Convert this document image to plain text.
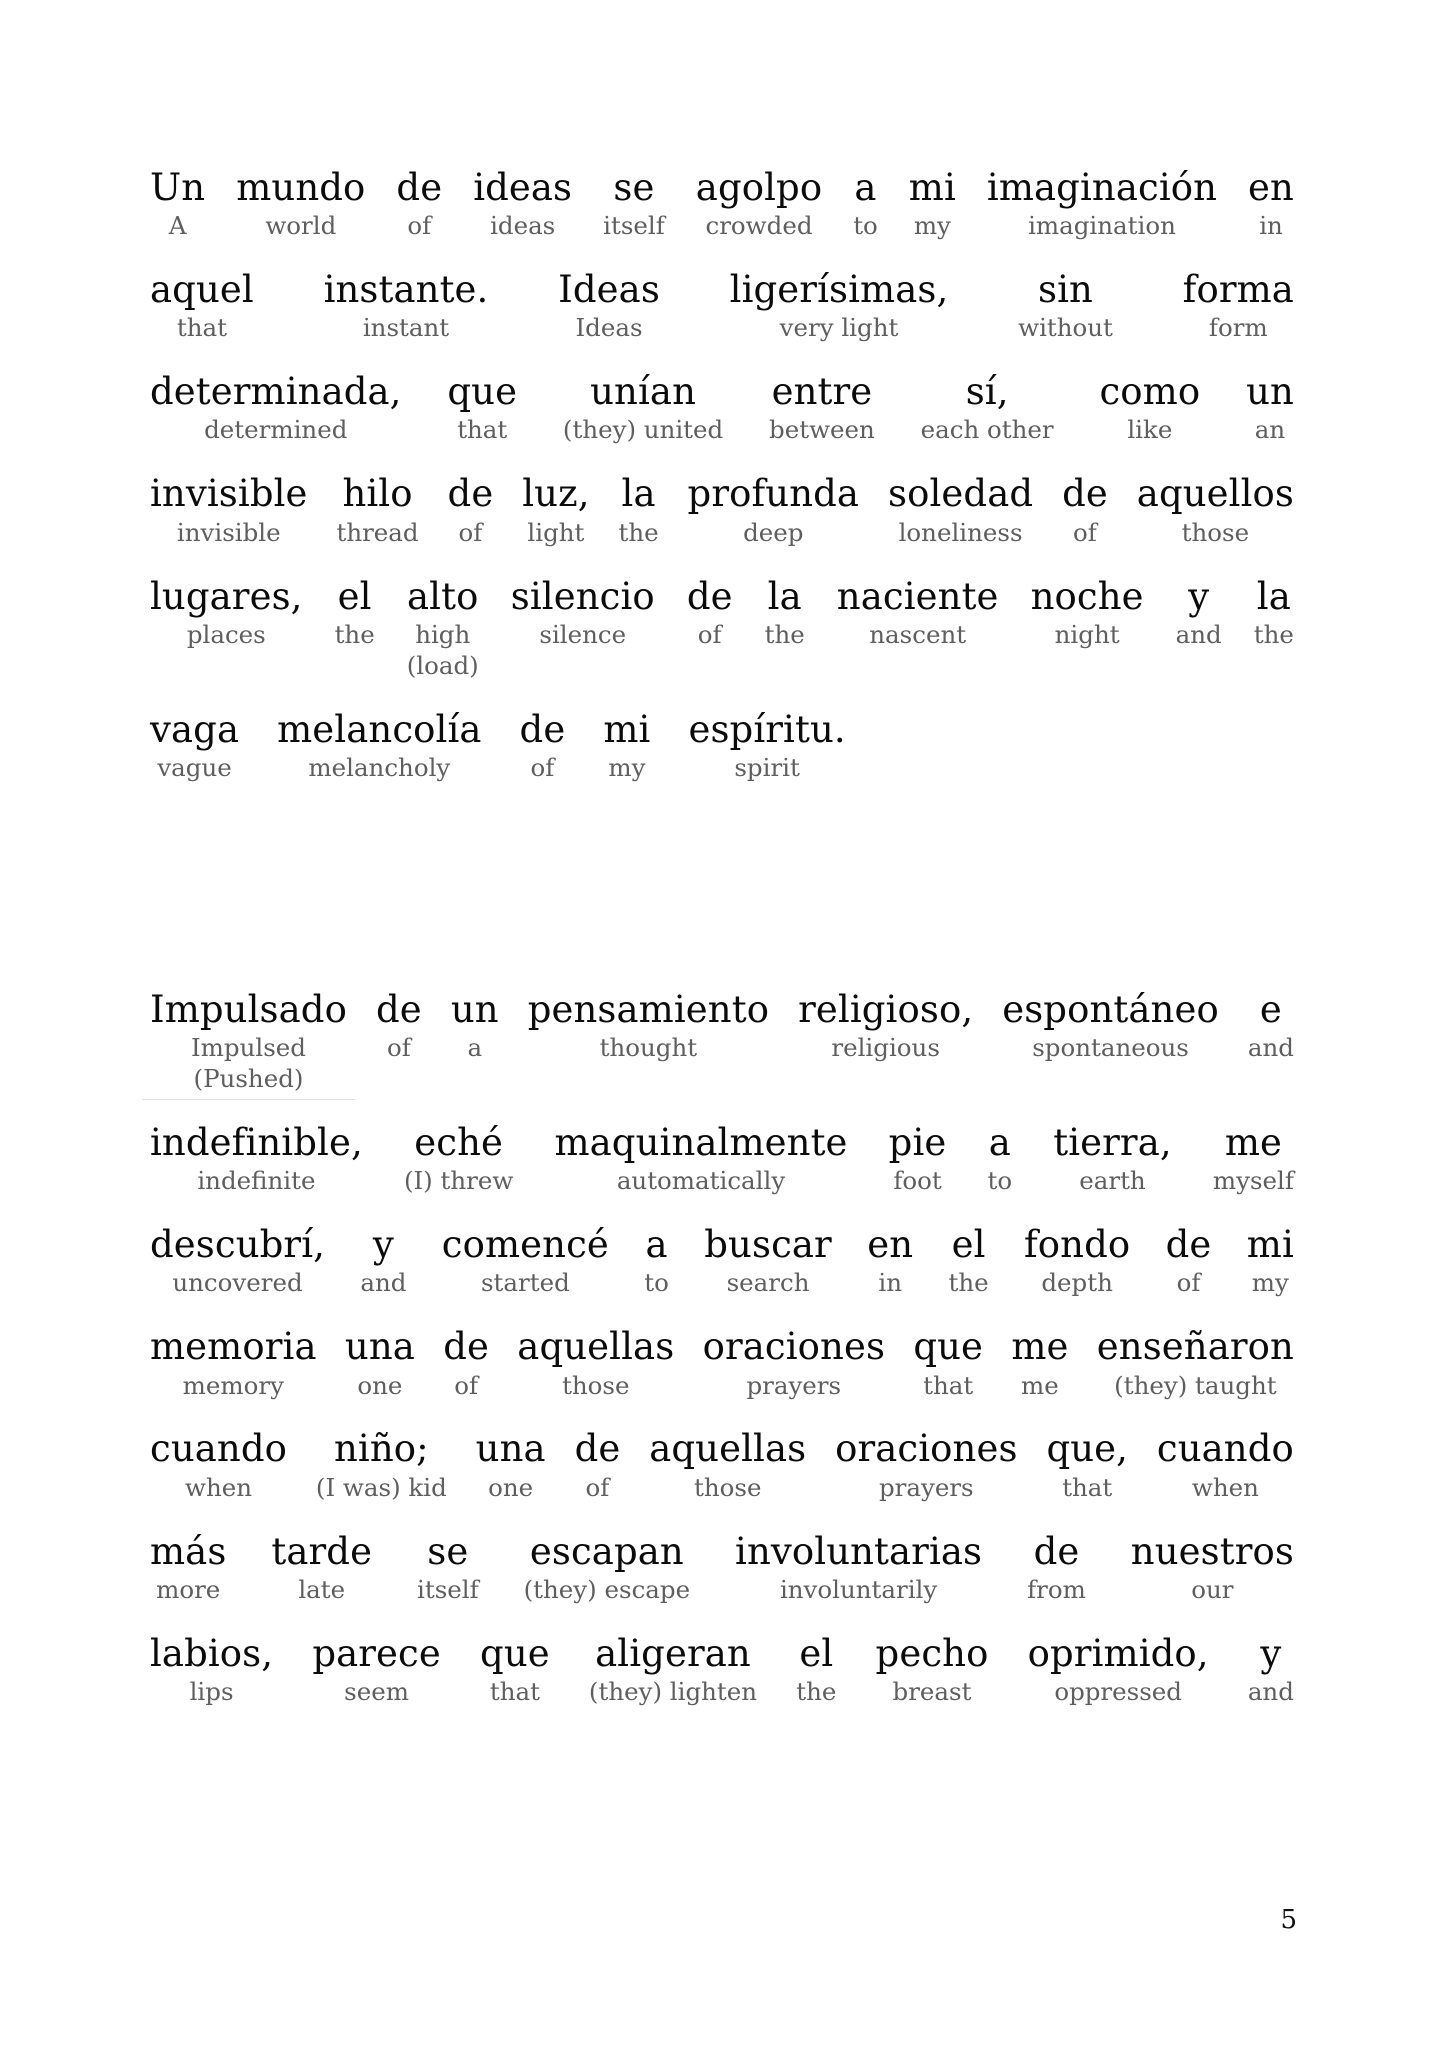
Un
A
mundo
world
de
of
ideas
ideas
se
itself
agolpo
crowded
a
to
mi
my
imaginación
imagination
en
in
aquel
that
instante.
instant
Ideas
Ideas
ligerísimas,
very light
sin
without
forma
form
determinada,
determined
que
that
unían
(they) united
entre
between
sí,
each other
como
like
un
an
invisible
invisible
hilo
thread
de
of
luz,
light
la
the
profunda
deep
soledad
loneliness
de
of
aquellos
those
lugares,
places
el
the
alto
high
(load)
silencio
silence
de
of
la
the
naciente
nascent
noche
night
y
and
la
the
vaga
vague
melancolía
melancholy
de
of
mi
my
espíritu.
spirit
Impulsado
Impulsed
(Pushed)
de
of
un
a
pensamiento
thought
religioso,
religious
espontáneo
spontaneous
e
and
indefinible,
indefinite
eché
(I) threw
maquinalmente
automatically
pie
foot
a
to
tierra,
earth
me
myself
descubrí,
uncovered
y
and
comencé
started
a
to
buscar
search
en
in
el
the
fondo
depth
de
of
mi
my
memoria
memory
una
one
de
of
aquellas
those
oraciones
prayers
que
that
me
me
enseñaron
(they) taught
cuando
when
niño;
(I was) kid
una
one
de
of
aquellas
those
oraciones
prayers
que,
that
cuando
when
más
more
tarde
late
se
itself
escapan
(they) escape
involuntarias
involuntarily
de
from
nuestros
our
labios,
lips
parece
seem
que
that
aligeran
(they) lighten
el
the
pecho
breast
oprimido,
oppressed
y
and
5
